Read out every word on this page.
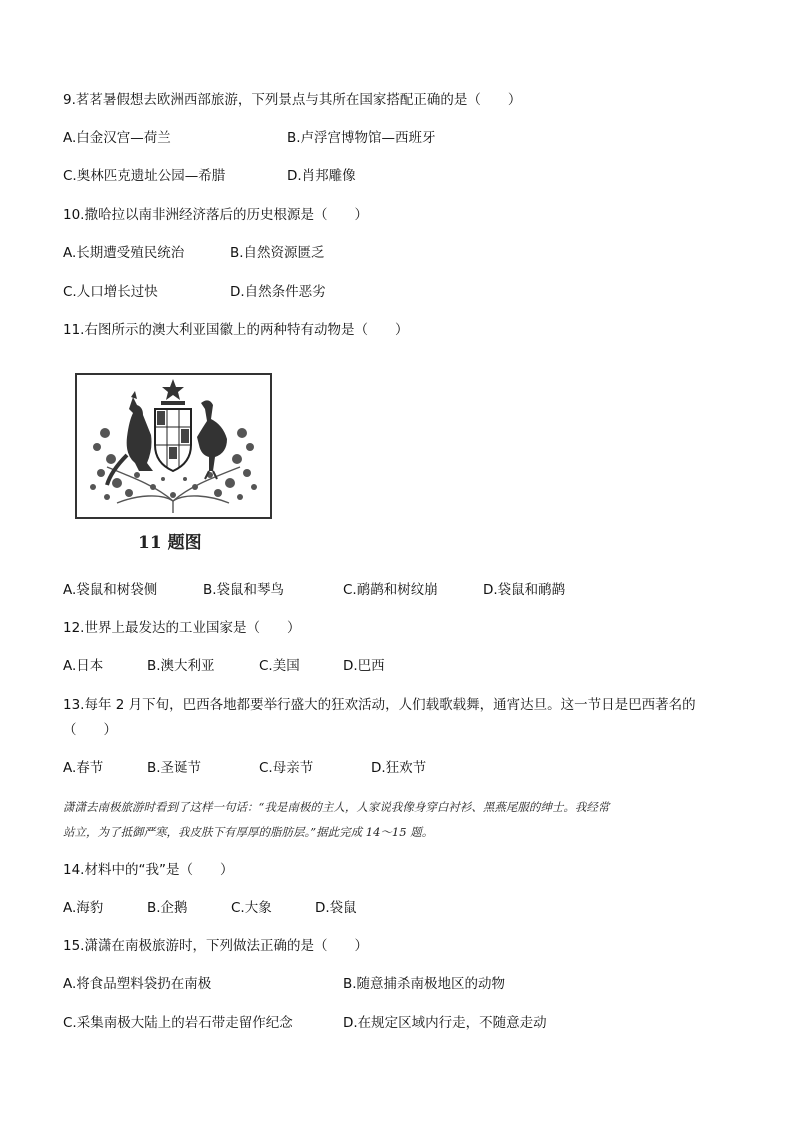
9.茗茗暑假想去欧洲西部旅游，下列景点与其所在国家搭配正确的是（　　）
A.白金汉宫—荷兰	B.卢浮宫博物馆—西班牙
C.奥林匹克遗址公园—希腊	D.肖邦雕像
10.撒哈拉以南非洲经济落后的历史根源是（　　）
A.长期遭受殖民统治	B.自然资源匮乏
C.人口增长过快	D.自然条件恶劣
11.右图所示的澳大利亚国徽上的两种特有动物是（　　）
11 题图
A.袋鼠和树袋侧	B.袋鼠和琴鸟	C.鸸鹋和树纹崩	D.袋鼠和鸸鹋
12.世界上最发达的工业国家是（　　）
A.日本	B.澳大利亚	C.美国	D.巴西
13.每年 2 月下旬，巴西各地都要举行盛大的狂欢活动，人们载歌载舞，通宵达旦。这一节日是巴西著名的
（　　）
A.春节	B.圣诞节	C.母亲节	D.狂欢节
潇潇去南极旅游时看到了这样一句话：“我是南极的主人，人家说我像身穿白衬衫、黑燕尾服的绅士。我经常
站立，为了抵御严寒，我皮肤下有厚厚的脂肪层。”据此完成 14～15 题。
14.材料中的“我”是（　　）
A.海豹	B.企鹅	C.大象	D.袋鼠
15.潇潇在南极旅游时，下列做法正确的是（　　）
A.将食品塑料袋扔在南极	B.随意捕杀南极地区的动物
C.采集南极大陆上的岩石带走留作纪念	D.在规定区域内行走，不随意走动
